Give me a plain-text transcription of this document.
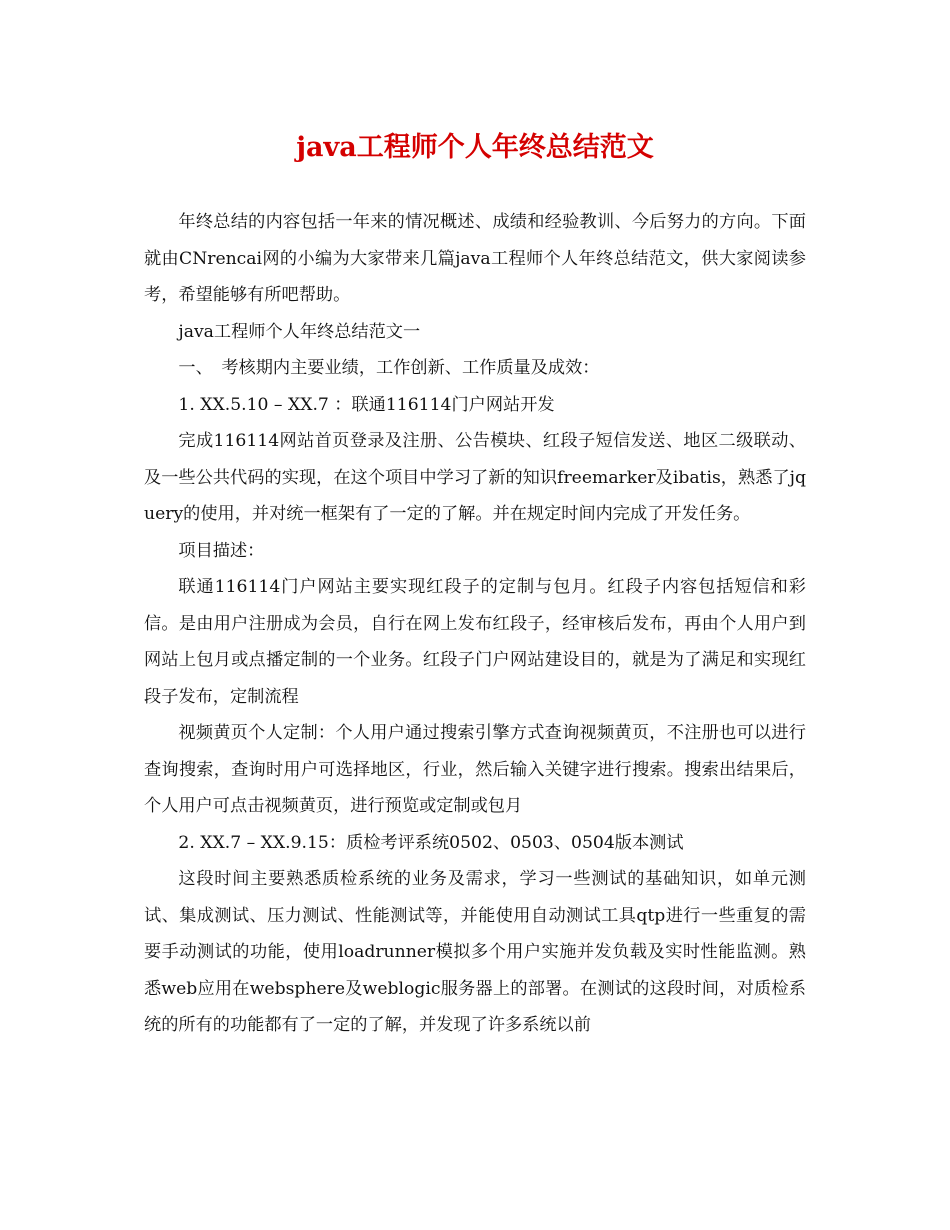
java工程师个人年终总结范文

年终总结的内容包括一年来的情况概述、成绩和经验教训、今后努力的方向。下面就由CNrencai网的小编为大家带来几篇java工程师个人年终总结范文，供大家阅读参考，希望能够有所吧帮助。

java工程师个人年终总结范文一

一、　考核期内主要业绩，工作创新、工作质量及成效：

1. XX.5.10 – XX.7 ：联通116114门户网站开发

完成116114网站首页登录及注册、公告模块、红段子短信发送、地区二级联动、及一些公共代码的实现，在这个项目中学习了新的知识freemarker及ibatis，熟悉了jquery的使用，并对统一框架有了一定的了解。并在规定时间内完成了开发任务。

项目描述：

联通116114门户网站主要实现红段子的定制与包月。红段子内容包括短信和彩信。是由用户注册成为会员，自行在网上发布红段子，经审核后发布，再由个人用户到网站上包月或点播定制的一个业务。红段子门户网站建设目的，就是为了满足和实现红段子发布，定制流程

视频黄页个人定制：个人用户通过搜索引擎方式查询视频黄页，不注册也可以进行查询搜索，查询时用户可选择地区，行业，然后输入关键字进行搜索。搜索出结果后，个人用户可点击视频黄页，进行预览或定制或包月

2. XX.7 – XX.9.15：质检考评系统0502、0503、0504版本测试

这段时间主要熟悉质检系统的业务及需求，学习一些测试的基础知识，如单元测试、集成测试、压力测试、性能测试等，并能使用自动测试工具qtp进行一些重复的需要手动测试的功能，使用loadrunner模拟多个用户实施并发负载及实时性能监测。熟悉web应用在websphere及weblogic服务器上的部署。在测试的这段时间，对质检系统的所有的功能都有了一定的了解，并发现了许多系统以前
